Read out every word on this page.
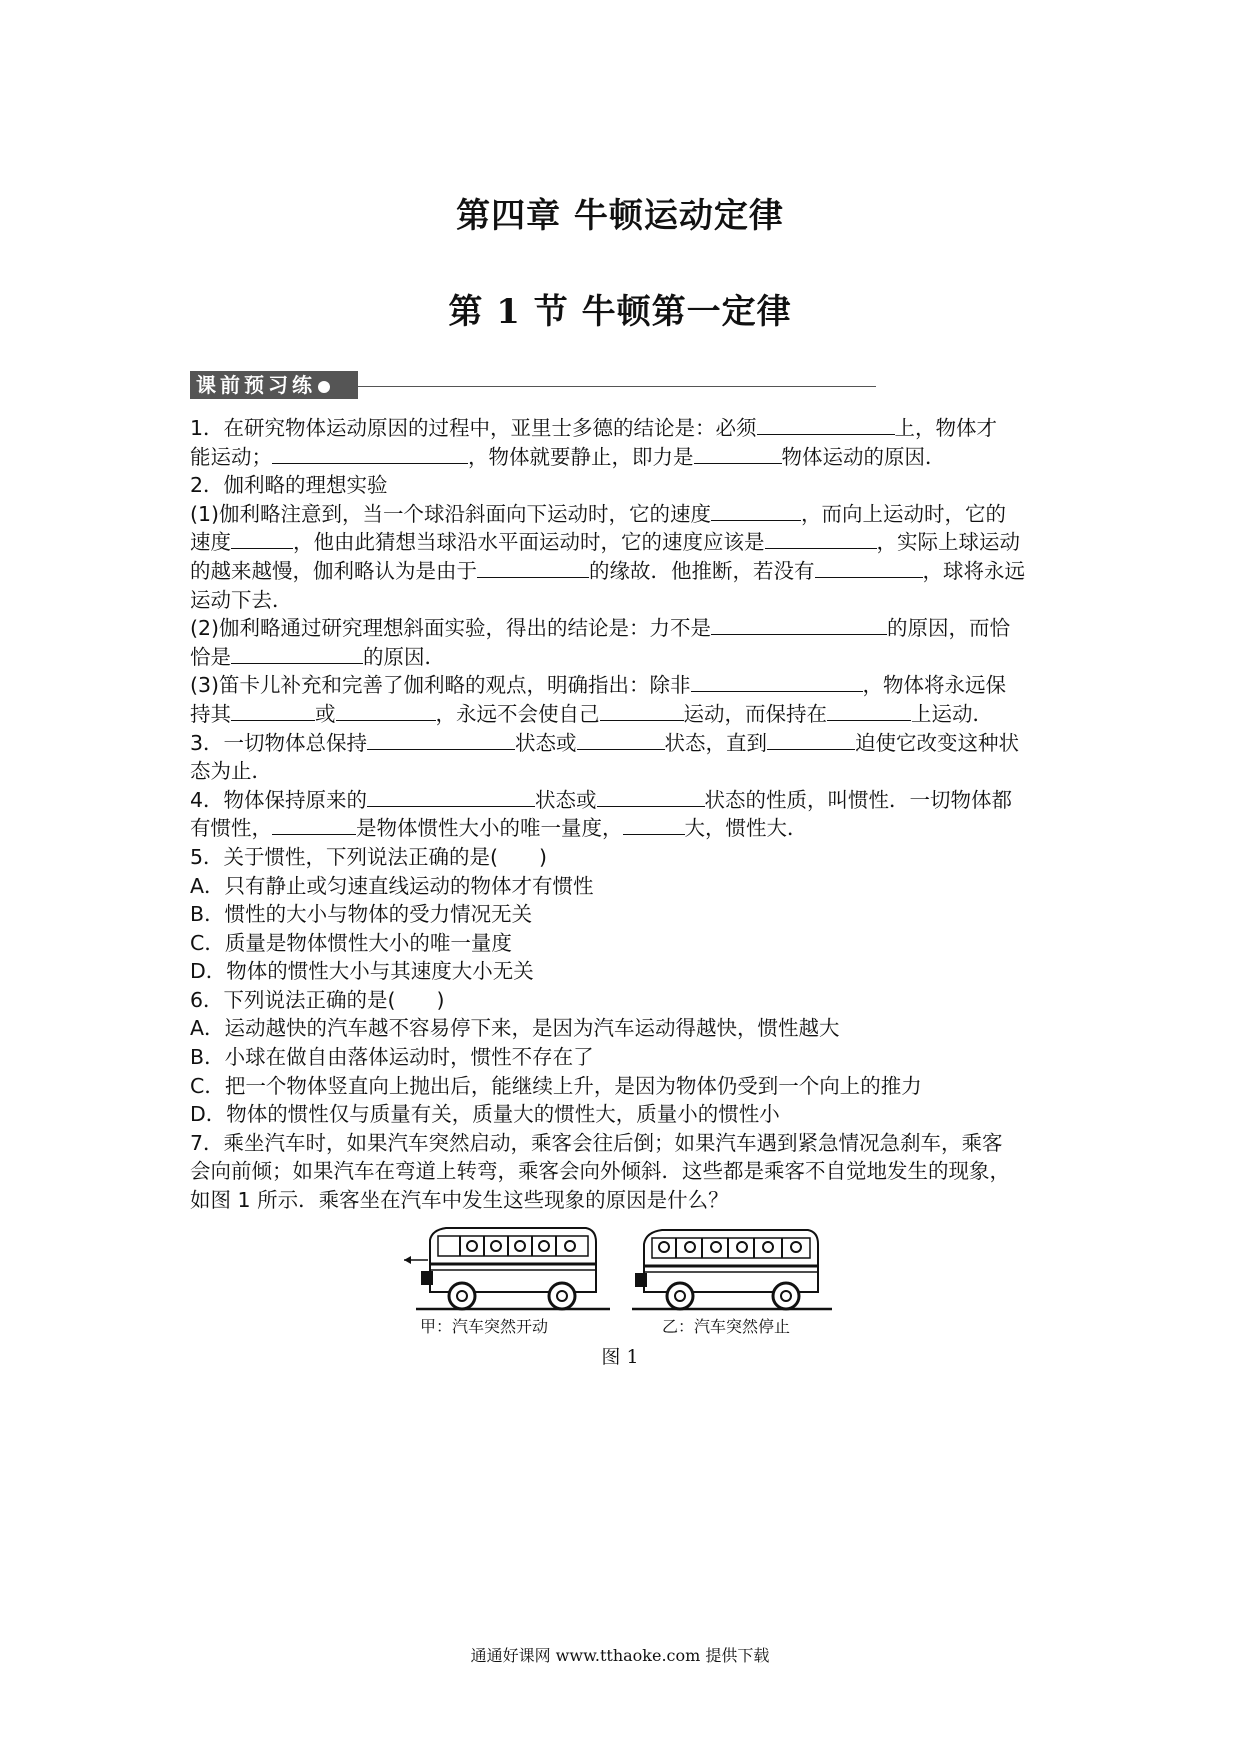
第四章 牛顿运动定律
第 1 节 牛顿第一定律
课前预习练

1．在研究物体运动原因的过程中，亚里士多德的结论是：必须	上，物体才

能运动；	，物体就要静止，即力是	物体运动的原因．

2．伽利略的理想实验

(1)伽利略注意到，当一个球沿斜面向下运动时，它的速度	，而向上运动时，它的

速度	，他由此猜想当球沿水平面运动时，它的速度应该是	，实际上球运动

的越来越慢，伽利略认为是由于	的缘故．他推断，若没有	，球将永远

运动下去．

(2)伽利略通过研究理想斜面实验，得出的结论是：力不是	的原因，而恰

恰是	的原因．

(3)笛卡儿补充和完善了伽利略的观点，明确指出：除非	，物体将永远保

持其	或	，永远不会使自己	运动，而保持在	上运动．

3．一切物体总保持	状态或	状态，直到	迫使它改变这种状

态为止．

4．物体保持原来的	状态或	状态的性质，叫惯性．一切物体都

有惯性，	是物体惯性大小的唯一量度，	大，惯性大．

5．关于惯性，下列说法正确的是(　　)

A．只有静止或匀速直线运动的物体才有惯性

B．惯性的大小与物体的受力情况无关

C．质量是物体惯性大小的唯一量度

D．物体的惯性大小与其速度大小无关

6．下列说法正确的是(　　)

A．运动越快的汽车越不容易停下来，是因为汽车运动得越快，惯性越大

B．小球在做自由落体运动时，惯性不存在了

C．把一个物体竖直向上抛出后，能继续上升，是因为物体仍受到一个向上的推力

D．物体的惯性仅与质量有关，质量大的惯性大，质量小的惯性小

7．乘坐汽车时，如果汽车突然启动，乘客会往后倒；如果汽车遇到紧急情况急刹车，乘客

会向前倾；如果汽车在弯道上转弯，乘客会向外倾斜．这些都是乘客不自觉地发生的现象，

如图 1 所示．乘客坐在汽车中发生这些现象的原因是什么？

甲：汽车突然开动	乙：汽车突然停止
图 1
通通好课网 www.tthaoke.com 提供下载
